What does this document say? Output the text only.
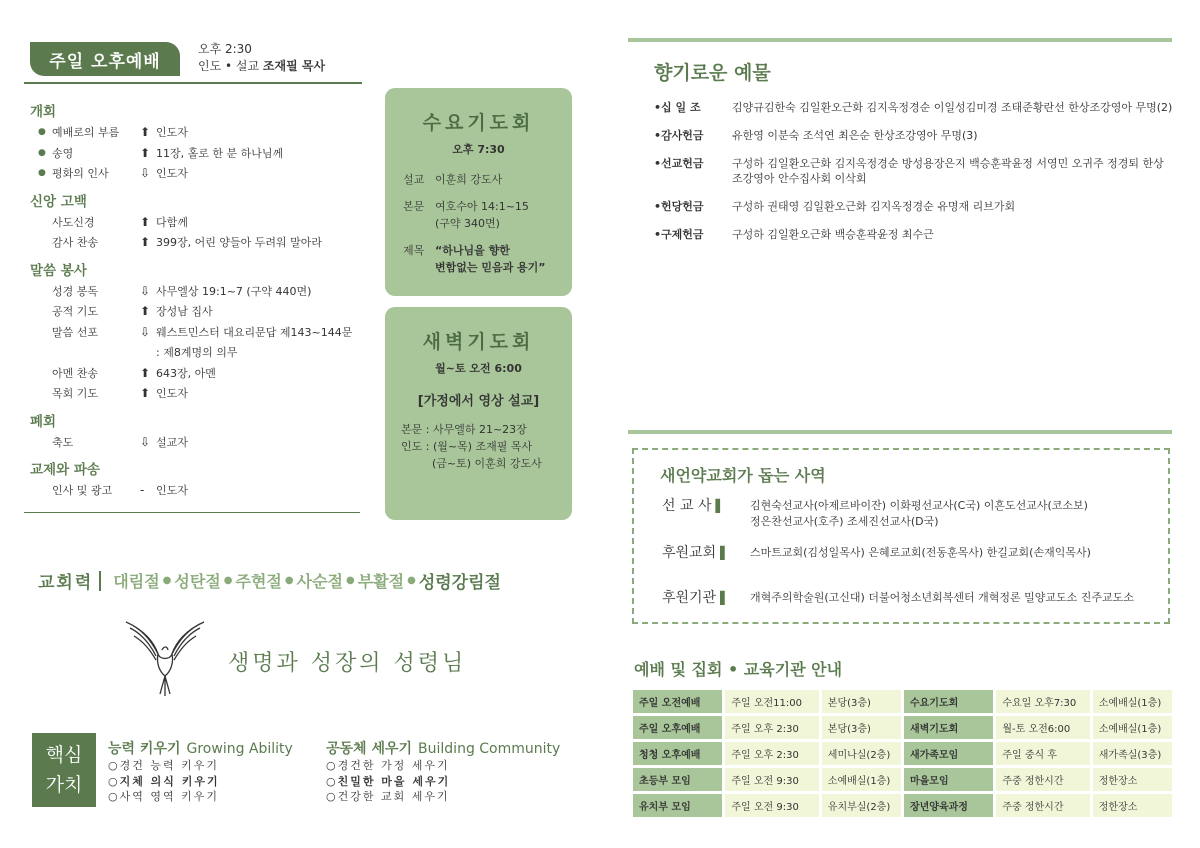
주일 오후예배
오후 2:30
인도 • 설교 조재필 목사
개회
● 예배로의 부름	⬆ 인도자
● 송영	⬆ 11장, 홀로 한 분 하나님께
● 평화의 인사	⇩ 인도자
신앙 고백
사도신경	⬆ 다함께
감사 찬송	⬆ 399장, 어린 양들아 두려워 말아라
말씀 봉사
성경 봉독	⇩ 사무엘상 19:1~7 (구약 440면)
공적 기도	⬆ 장성남 집사
말씀 선포	⇩ 웨스트민스터 대요리문답 제143~144문
: 제8계명의 의무
아멘 찬송	⬆ 643장, 아멘
목회 기도	⬆ 인도자
폐회
축도	⇩ 설교자
교제와 파송
인사 및 광고	-	인도자
수요기도회
오후 7:30
설교 이훈희 강도사
본문 여호수아 14:1~15
(구약 340면)
제목 “하나님을 향한
변함없는 믿음과 용기”
새벽기도회
월~토 오전 6:00
[가정에서 영상 설교]
본문 : 사무엘하 21~23장
인도 : (월~목) 조재필 목사
(금~토) 이훈희 강도사
교회력 대림절 ● 성탄절 ● 주현절 ● 사순절 ● 부활절 ● 성령강림절
생명과 성장의 성령님
핵심
가치
능력 키우기 Growing Ability
○경건 능력 키우기
○지체 의식 키우기
○사역 영역 키우기
공동체 세우기 Building Community
○경건한 가정 세우기
○친밀한 마을 세우기
○건강한 교회 세우기
향기로운 예물
•십 일 조	김양규김한숙 김일환오근화 김지옥정경순 이일성김미경 조태준황란선 한상조강영아 무명(2)
•감사헌금	유한영 이분숙 조석연 최은순 한상조강영아 무명(3)
•선교헌금	구성하 김일환오근화 김지옥정경순 방성용장은지 백승훈곽윤정 서영민 오귀주 정경퇴 한상조강영아 안수집사회 이삭회
•헌당헌금	구성하 권태영 김일환오근화 김지옥정경순 유명재 리브가회
•구제헌금	구성하 김일환오근화 백승훈곽윤정 최수근
새언약교회가 돕는 사역
선 교 사 ▌	김현숙선교사(아제르바이잔) 이화평선교사(C국) 이흔도선교사(코소보)
정은찬선교사(호주) 조세진선교사(D국)
후원교회 ▌	스마트교회(김성일목사) 은혜로교회(전동훈목사) 한길교회(손재익목사)
후원기관 ▌	개혁주의학술원(고신대) 더불어청소년회복센터 개혁정론 밀양교도소 진주교도소
예배 및 집회 • 교육기관 안내
주일 오전예배	주일 오전11:00	본당(3층)	수요기도회	수요일 오후7:30	소예배실(1층)
주일 오후예배	주일 오후 2:30	본당(3층)	새벽기도회	월-토 오전6:00	소예배실(1층)
청청 오후예배	주일 오후 2:30	세미나실(2층)	새가족모임	주일 중식 후	새가족실(3층)
초등부 모임	주일 오전 9:30	소예배실(1층)	마을모임	주중 정한시간	정한장소
유치부 모임	주일 오전 9:30	유치부실(2층)	장년양육과정	주중 정한시간	정한장소
